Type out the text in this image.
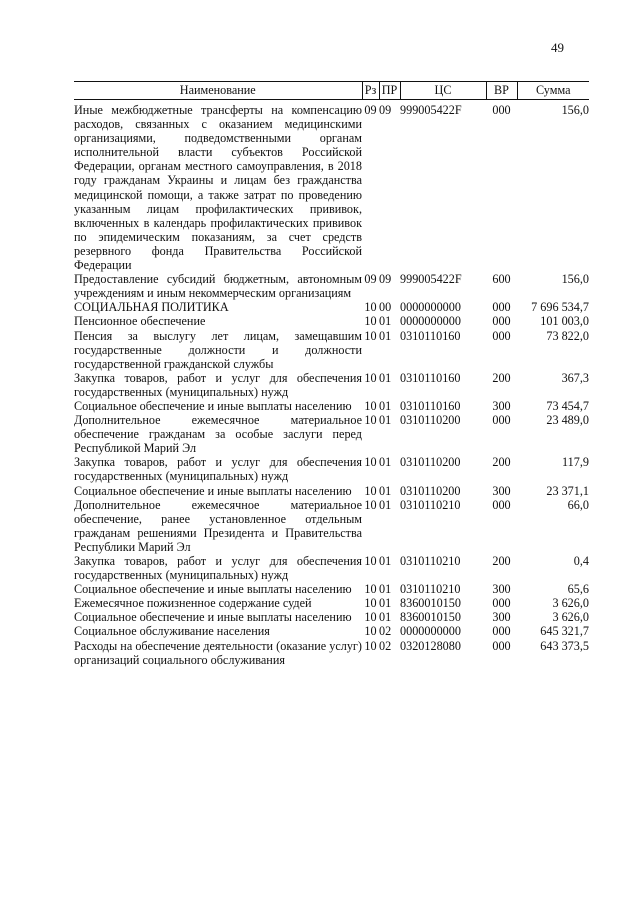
49
Наименование	Рз	ПР	ЦС	ВР	Сумма
Иные межбюджетные трансферты на компенсацию расходов, связанных с оказанием медицинскими организациями, подведомственными органам исполнительной власти субъектов Российской Федерации, органам местного самоуправления, в 2018 году гражданам Украины и лицам без гражданства медицинской помощи, а также затрат по проведению указанным лицам профилактических прививок, включенных в календарь профилактических прививок по эпидемическим показаниям, за счет средств резервного фонда Правительства Российской Федерации	09	09	999005422F	000	156,0
Предоставление субсидий бюджетным, автономным учреждениям и иным некоммерческим организациям	09	09	999005422F	600	156,0
СОЦИАЛЬНАЯ ПОЛИТИКА	10	00	0000000000	000	7 696 534,7
Пенсионное обеспечение	10	01	0000000000	000	101 003,0
Пенсия за выслугу лет лицам, замещавшим государственные должности и должности государственной гражданской службы	10	01	0310110160	000	73 822,0
Закупка товаров, работ и услуг для обеспечения государственных (муниципальных) нужд	10	01	0310110160	200	367,3
Социальное обеспечение и иные выплаты населению	10	01	0310110160	300	73 454,7
Дополнительное ежемесячное материальное обеспечение гражданам за особые заслуги перед Республикой Марий Эл	10	01	0310110200	000	23 489,0
Закупка товаров, работ и услуг для обеспечения государственных (муниципальных) нужд	10	01	0310110200	200	117,9
Социальное обеспечение и иные выплаты населению	10	01	0310110200	300	23 371,1
Дополнительное ежемесячное материальное обеспечение, ранее установленное отдельным гражданам решениями Президента и Правительства Республики Марий Эл	10	01	0310110210	000	66,0
Закупка товаров, работ и услуг для обеспечения государственных (муниципальных) нужд	10	01	0310110210	200	0,4
Социальное обеспечение и иные выплаты населению	10	01	0310110210	300	65,6
Ежемесячное пожизненное содержание судей	10	01	8360010150	000	3 626,0
Социальное обеспечение и иные выплаты населению	10	01	8360010150	300	3 626,0
Социальное обслуживание населения	10	02	0000000000	000	645 321,7
Расходы на обеспечение деятельности (оказание услуг) организаций социального обслуживания	10	02	0320128080	000	643 373,5
